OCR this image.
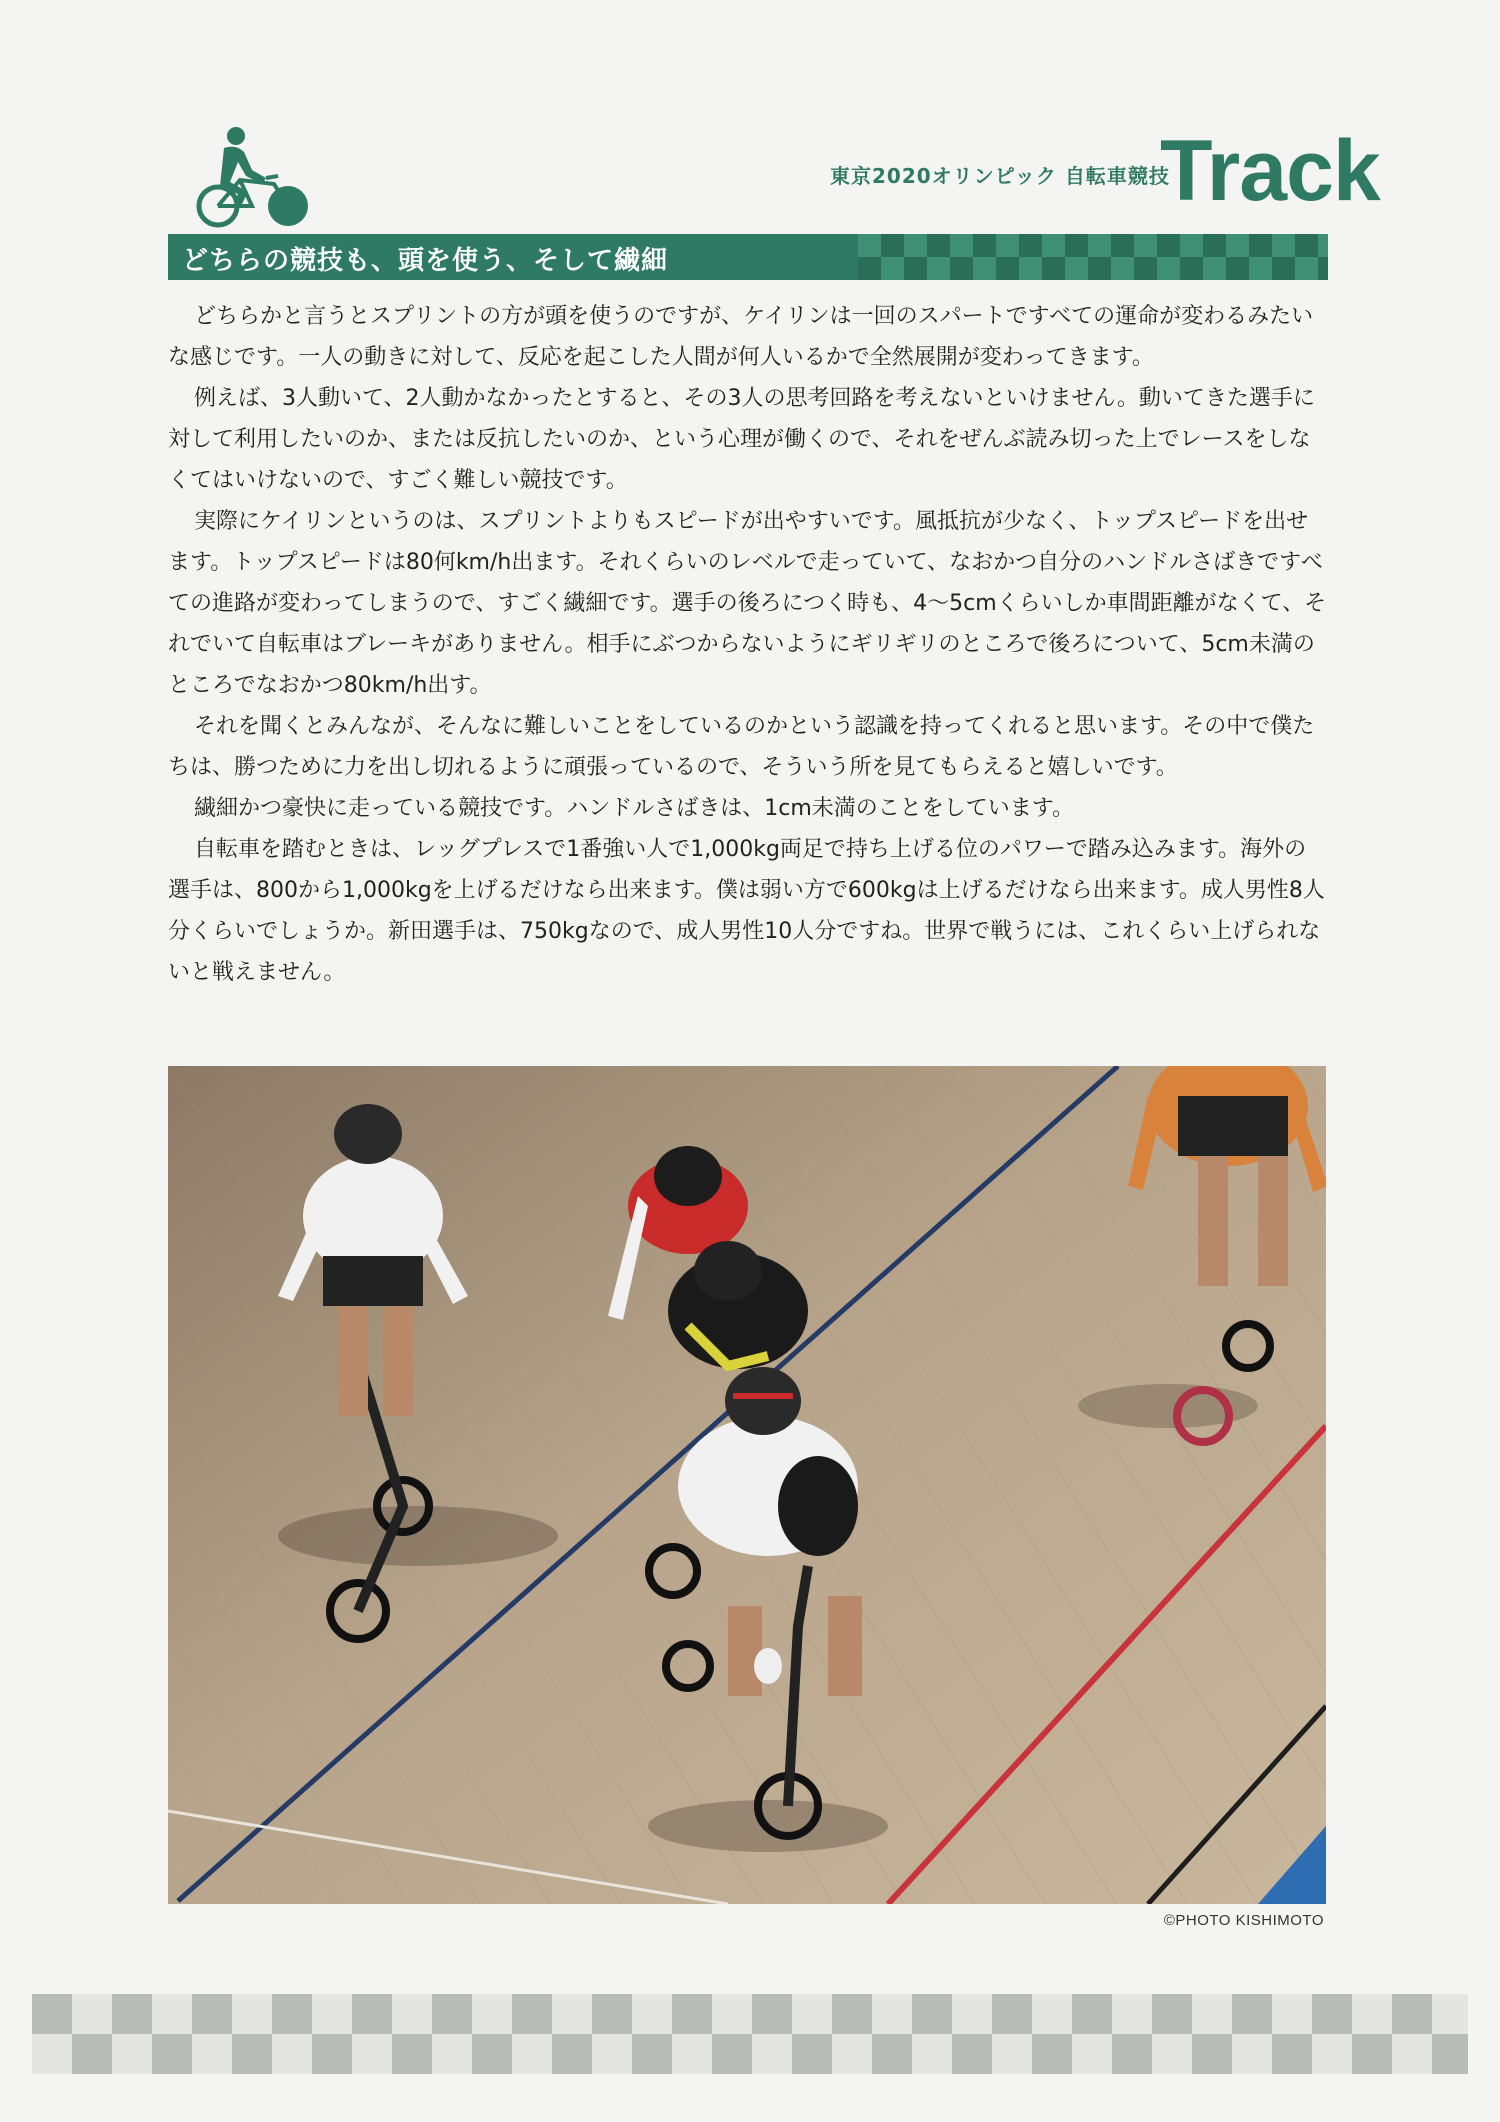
東京2020オリンピック 自転車競技
Track
どちらの競技も、頭を使う、そして繊細

どちらかと言うとスプリントの方が頭を使うのですが、ケイリンは一回のスパートですべての運命が変わるみたいな感じです。一人の動きに対して、反応を起こした人間が何人いるかで全然展開が変わってきます。

例えば、3人動いて、2人動かなかったとすると、その3人の思考回路を考えないといけません。動いてきた選手に対して利用したいのか、または反抗したいのか、という心理が働くので、それをぜんぶ読み切った上でレースをしなくてはいけないので、すごく難しい競技です。

実際にケイリンというのは、スプリントよりもスピードが出やすいです。風抵抗が少なく、トップスピードを出せます。トップスピードは80何km/h出ます。それくらいのレベルで走っていて、なおかつ自分のハンドルさばきですべての進路が変わってしまうので、すごく繊細です。選手の後ろにつく時も、4～5cmくらいしか車間距離がなくて、それでいて自転車はブレーキがありません。相手にぶつからないようにギリギリのところで後ろについて、5cm未満のところでなおかつ80km/h出す。

それを聞くとみんなが、そんなに難しいことをしているのかという認識を持ってくれると思います。その中で僕たちは、勝つために力を出し切れるように頑張っているので、そういう所を見てもらえると嬉しいです。

繊細かつ豪快に走っている競技です。ハンドルさばきは、1cm未満のことをしています。

自転車を踏むときは、レッグプレスで1番強い人で1,000kg両足で持ち上げる位のパワーで踏み込みます。海外の選手は、800から1,000kgを上げるだけなら出来ます。僕は弱い方で600kgは上げるだけなら出来ます。成人男性8人分くらいでしょうか。新田選手は、750kgなので、成人男性10人分ですね。世界で戦うには、これくらい上げられないと戦えません。

©PHOTO KISHIMOTO
